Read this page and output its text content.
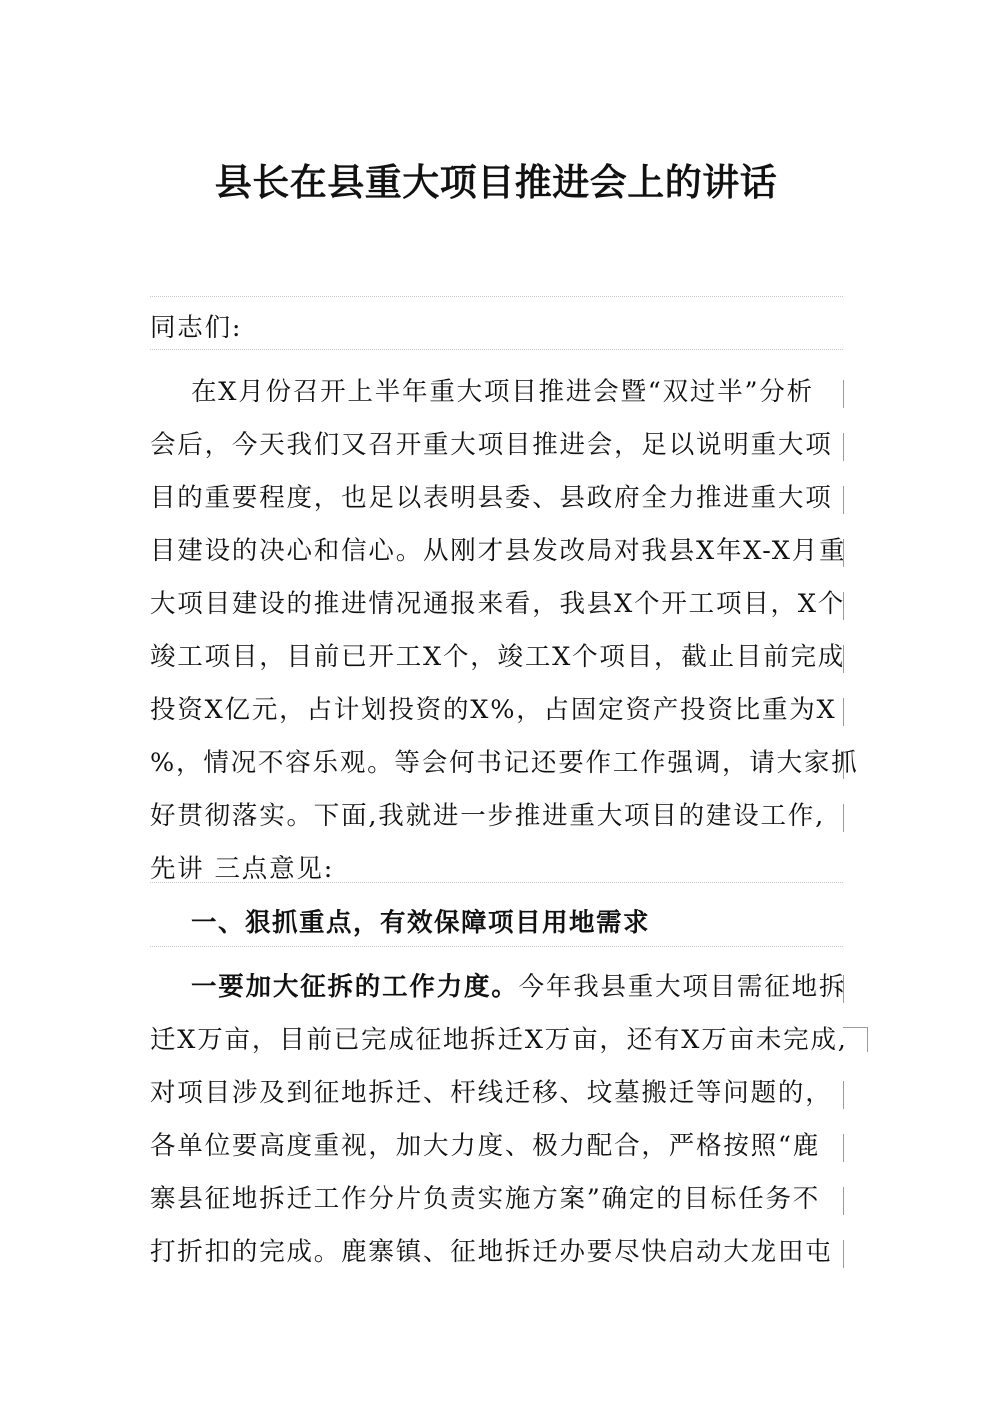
县长在县重大项目推进会上的讲话

同志们:

在X月份召开上半年重大项目推进会暨“双过半”分析
会后，今天我们又召开重大项目推进会，足以说明重大项
目的重要程度，也足以表明县委、县政府全力推进重大项
目建设的决心和信心。从刚才县发改局对我县X年X-X月重
大项目建设的推进情况通报来看，我县X个开工项目，X个
竣工项目，目前已开工X个，竣工X个项目，截止目前完成
投资X亿元，占计划投资的X%，占固定资产投资比重为X
%，情况不容乐观。等会何书记还要作工作强调，请大家抓
好贯彻落实。下面,我就进一步推进重大项目的建设工作,
先讲 三点意见:
一、狠抓重点，有效保障项目用地需求
一要加大征拆的工作力度。今年我县重大项目需征地拆
迁X万亩，目前已完成征地拆迁X万亩，还有X万亩未完成,
对项目涉及到征地拆迁、杆线迁移、坟墓搬迁等问题的，
各单位要高度重视，加大力度、极力配合，严格按照“鹿
寨县征地拆迁工作分片负责实施方案”确定的目标任务不
打折扣的完成。鹿寨镇、征地拆迁办要尽快启动大龙田屯
